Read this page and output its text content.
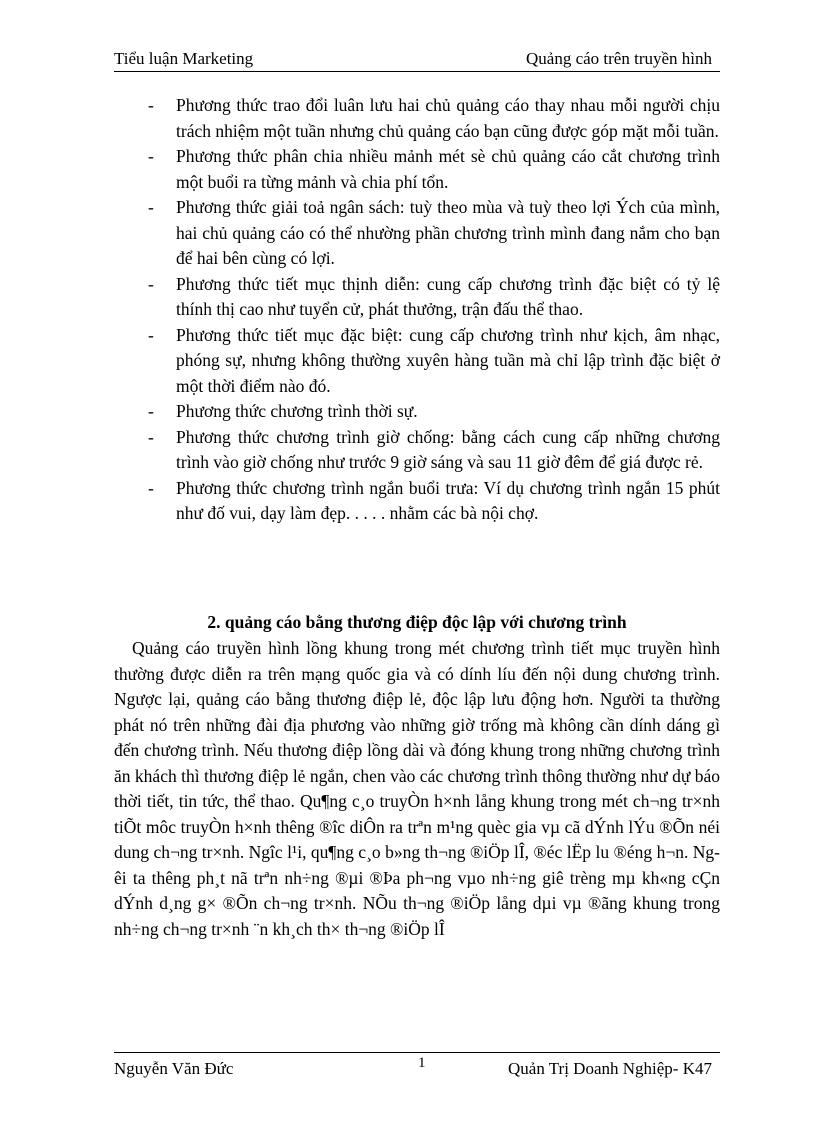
Tiểu luận Marketing	Quảng cáo trên truyền hình
- Phương thức trao đổi luân lưu hai chủ quảng cáo thay nhau mỗi người chịu trách nhiệm một tuần nhưng chủ quảng cáo bạn cũng được góp mặt mỗi tuần.
- Phương thức phân chia nhiều mảnh mét sè chủ quảng cáo cắt chương trình một buổi ra từng mảnh và chia phí tổn.
- Phương thức giải toả ngân sách: tuỳ theo mùa và tuỳ theo lợi Ých của mình, hai chủ quảng cáo có thể nhường phần chương trình mình đang nắm cho bạn để hai bên cùng có lợi.
- Phương thức tiết mục thịnh diễn: cung cấp chương trình đặc biệt có tỷ lệ thính thị cao như tuyển cử, phát thưởng, trận đấu thể thao.
- Phương thức tiết mục đặc biệt: cung cấp chương trình như kịch, âm nhạc, phóng sự, nhưng không thường xuyên hàng tuần mà chỉ lập trình đặc biệt ở một thời điểm nào đó.
- Phương thức chương trình thời sự.
- Phương thức chương trình giờ chống: bằng cách cung cấp những chương trình vào giờ chống như trước 9 giờ sáng và sau 11 giờ đêm để giá được rẻ.
- Phương thức chương trình ngắn buổi trưa: Ví dụ chương trình ngắn 15 phút như đố vui, dạy làm đẹp. . . . . nhằm các bà nội chợ.
2. quảng cáo bằng thương điệp độc lập với chương trình

Quảng cáo truyền hình lồng khung trong mét chương trình tiết mục truyền hình thường được diễn ra trên mạng quốc gia và có dính líu đến nội dung chương trình. Ngược lại, quảng cáo bằng thương điệp lẻ, độc lập lưu động hơn. Người ta thường phát nó trên những đài địa phương vào những giờ trống mà không cần dính dáng gì đến chương trình. Nếu thương điệp lồng dài và đóng khung trong những chương trình ăn khách thì thương điệp lẻ ngắn, chen vào các chương trình thông thường như dự báo thời tiết, tin tức, thể thao. Qu¶ng c¸o truyÒn h×nh lång khung trong mét ch¬ng tr×nh tiÕt môc truyÒn h×nh thêng ®îc diÔn ra trªn m¹ng quèc gia vµ cã dÝnh lÝu ®Õn néi dung ch¬ng tr×nh. Ngîc l¹i, qu¶ng c¸o b»ng th¬ng ®iÖp lÎ, ®éc lËp lu ®éng h¬n. Ngêi ta thêng ph¸t nã trªn nh÷ng ®µi ®Þa ph¬ng vµo nh÷ng giê trèng mµ kh«ng cÇn dÝnh d¸ng g× ®Õn ch¬ng tr×nh. NÕu th¬ng ®iÖp lång dµi vµ ®ãng khung trong nh÷ng ch¬ng tr×nh ¨n kh¸ch th× th¬ng ®iÖp lÎ

Nguyễn Văn Đức	1	Quản Trị Doanh Nghiệp- K47
